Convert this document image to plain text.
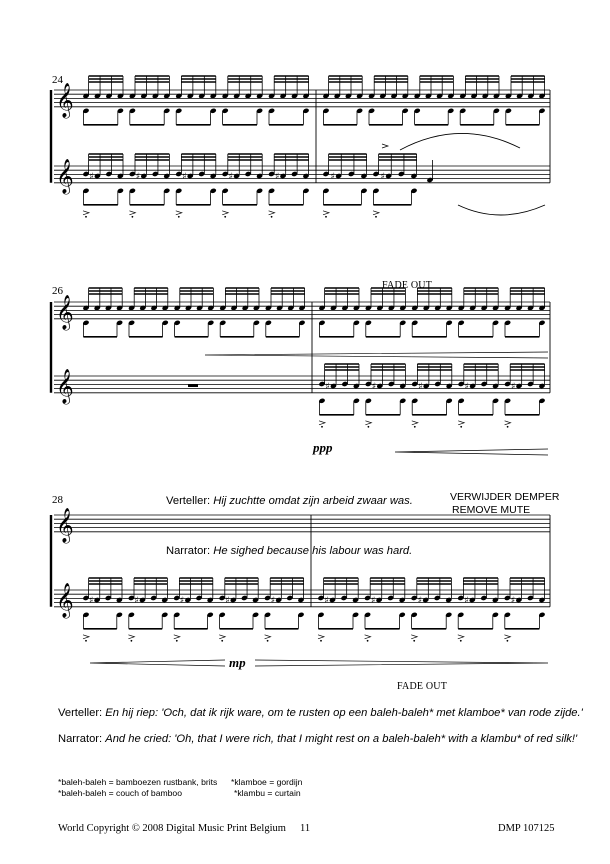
𝄞
𝄞 ♯	♯	♯	♯	♯	♯	♯
𝄞
𝄞	♯	♯	♯	♯	♯
𝄞
𝄞 ♯	♯	♯	♯	♯	♯	♯	♯	♯	♯
24
26
28
FADE OUT
ppp
VERWIJDER DEMPER
REMOVE MUTE
mp
FADE OUT
Verteller: Hij zuchtte omdat zijn arbeid zwaar was.
Narrator: He sighed because his labour was hard.
Verteller: En hij riep: 'Och, dat ik rijk ware, om te rusten op een baleh-baleh* met klamboe* van rode zijde.'
Narrator: And he cried: 'Oh, that I were rich, that I might rest on a baleh-baleh* with a klambu* of red silk!'
*baleh-baleh = bamboezen rustbank, brits
*baleh-baleh = couch of bamboo
*klamboe = gordijn
*klambu = curtain
World Copyright © 2008 Digital Music Print Belgium 11	DMP 107125
